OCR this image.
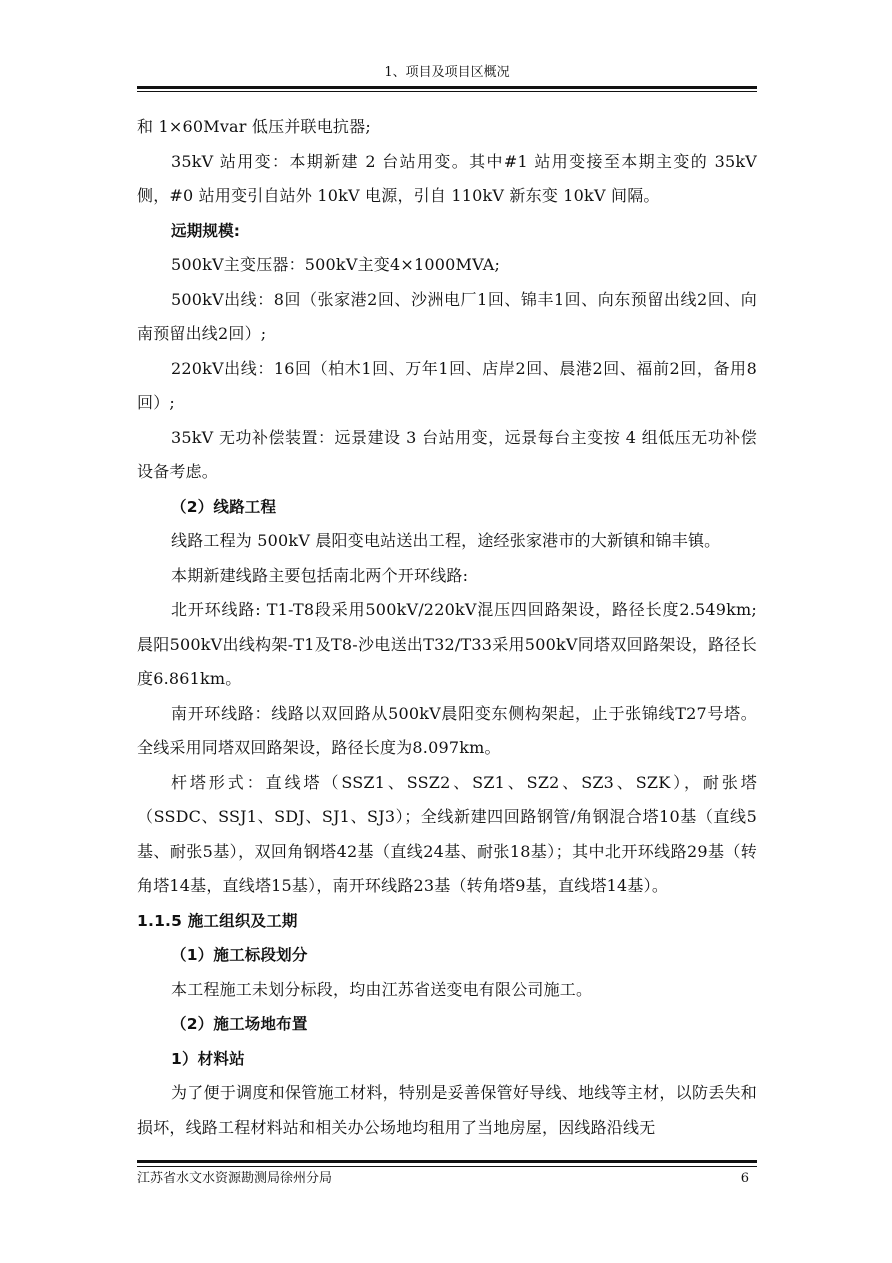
1、项目及项目区概况

和 1×60Mvar 低压并联电抗器;

35kV 站用变：本期新建 2 台站用变。其中#1 站用变接至本期主变的 35kV 侧，#0 站用变引自站外 10kV 电源，引自 110kV 新东变 10kV 间隔。

远期规模:

500kV主变压器：500kV主变4×1000MVA;

500kV出线：8回（张家港2回、沙洲电厂1回、锦丰1回、向东预留出线2回、向南预留出线2回）;

220kV出线：16回（柏木1回、万年1回、店岸2回、晨港2回、福前2回，备用8回）;

35kV 无功补偿装置：远景建设 3 台站用变，远景每台主变按 4 组低压无功补偿设备考虑。

（2）线路工程

线路工程为 500kV 晨阳变电站送出工程，途经张家港市的大新镇和锦丰镇。

本期新建线路主要包括南北两个开环线路:

北开环线路: T1-T8段采用500kV/220kV混压四回路架设，路径长度2.549km;晨阳500kV出线构架-T1及T8-沙电送出T32/T33采用500kV同塔双回路架设，路径长度6.861km。

南开环线路：线路以双回路从500kV晨阳变东侧构架起，止于张锦线T27号塔。全线采用同塔双回路架设，路径长度为8.097km。

杆塔形式：直线塔（SSZ1、SSZ2、SZ1、SZ2、SZ3、SZK），耐张塔（SSDC、SSJ1、SDJ、SJ1、SJ3）；全线新建四回路钢管/角钢混合塔10基（直线5基、耐张5基），双回角钢塔42基（直线24基、耐张18基）；其中北开环线路29基（转角塔14基，直线塔15基），南开环线路23基（转角塔9基，直线塔14基）。

1.1.5 施工组织及工期

（1）施工标段划分

本工程施工未划分标段，均由江苏省送变电有限公司施工。

（2）施工场地布置

1）材料站

为了便于调度和保管施工材料，特别是妥善保管好导线、地线等主材，以防丢失和损坏，线路工程材料站和相关办公场地均租用了当地房屋，因线路沿线无

江苏省水文水资源勘测局徐州分局	6
